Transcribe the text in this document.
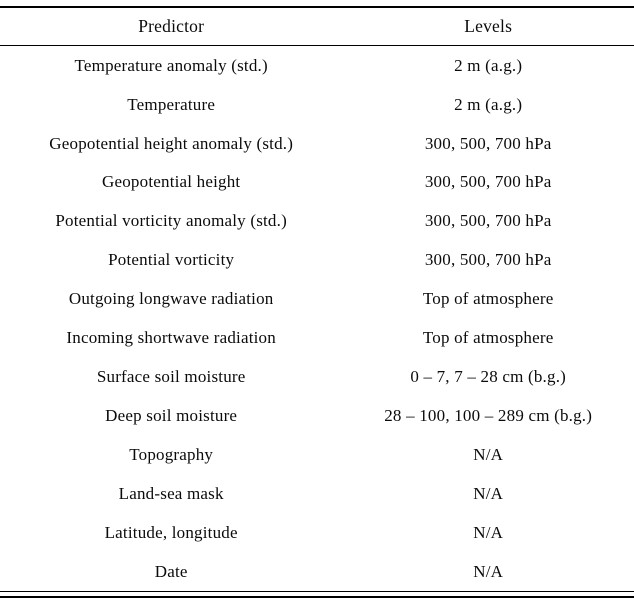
Predictor	Levels
Temperature anomaly (std.)	2 m (a.g.)
Temperature	2 m (a.g.)
Geopotential height anomaly (std.)	300, 500, 700 hPa
Geopotential height	300, 500, 700 hPa
Potential vorticity anomaly (std.)	300, 500, 700 hPa
Potential vorticity	300, 500, 700 hPa
Outgoing longwave radiation	Top of atmosphere
Incoming shortwave radiation	Top of atmosphere
Surface soil moisture	0 – 7, 7 – 28 cm (b.g.)
Deep soil moisture	28 – 100, 100 – 289 cm (b.g.)
Topography	N/A
Land-sea mask	N/A
Latitude, longitude	N/A
Date	N/A
